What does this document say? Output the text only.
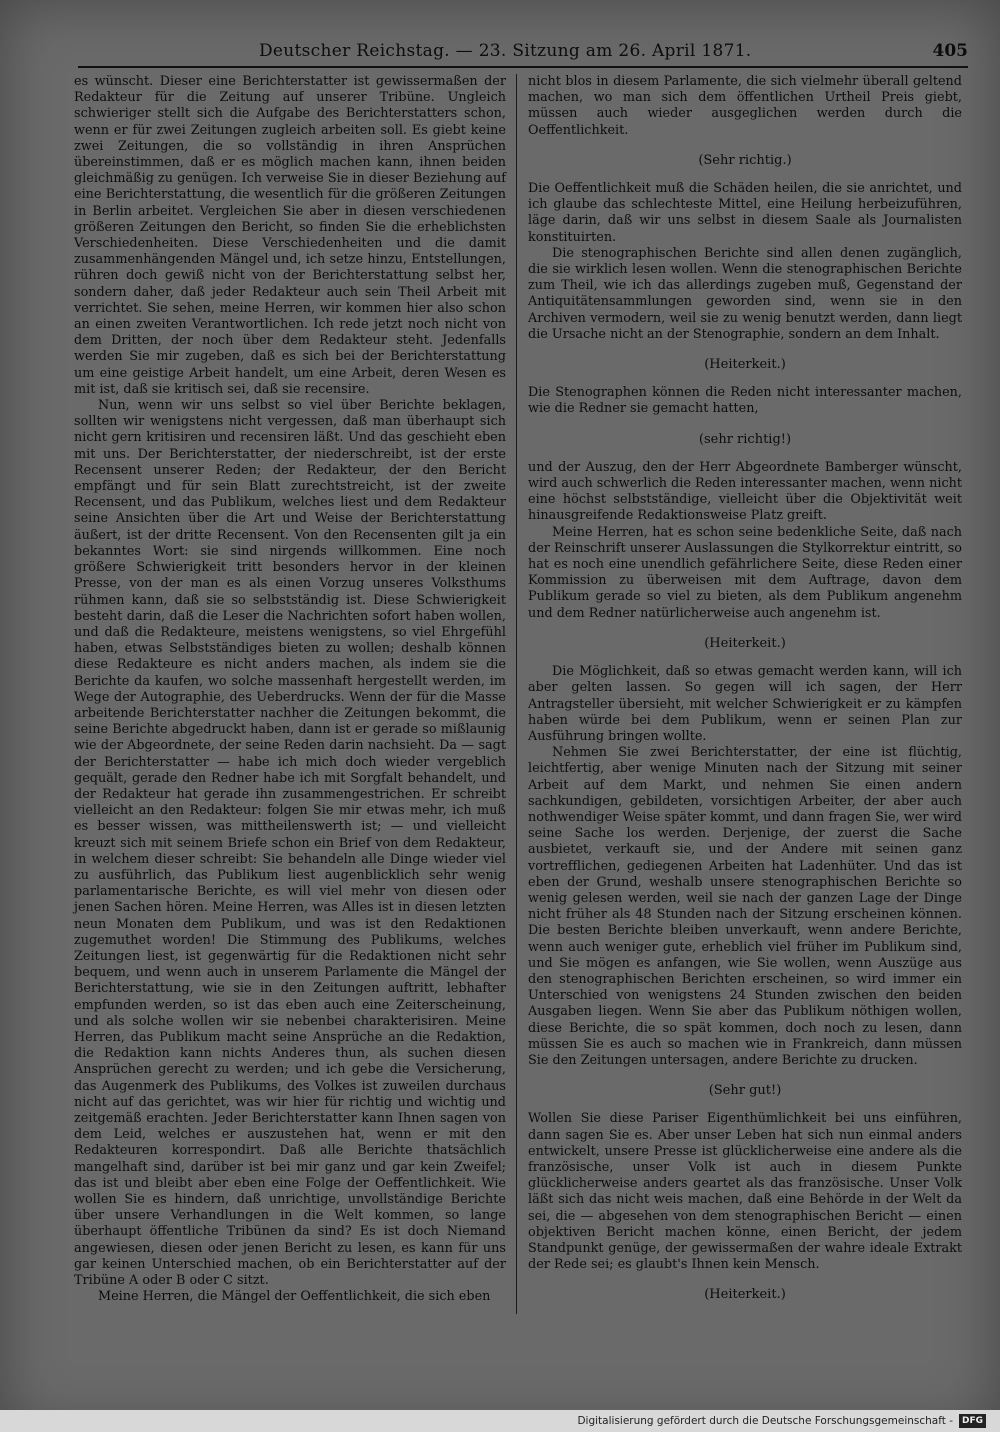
Deutscher Reichstag. — 23. Sitzung am 26. April 1871.	405

es wünscht. Dieser eine Berichterstatter ist gewissermaßen der Redakteur für die Zeitung auf unserer Tribüne. Ungleich schwieriger stellt sich die Aufgabe des Berichterstatters schon, wenn er für zwei Zeitungen zugleich arbeiten soll. Es giebt keine zwei Zeitungen, die so vollständig in ihren Ansprüchen übereinstimmen, daß er es möglich machen kann, ihnen beiden gleichmäßig zu genügen. Ich verweise Sie in dieser Beziehung auf eine Berichterstattung, die wesentlich für die größeren Zeitungen in Berlin arbeitet. Vergleichen Sie aber in diesen verschiedenen größeren Zeitungen den Bericht, so finden Sie die erheblichsten Verschiedenheiten. Diese Verschiedenheiten und die damit zusammenhängenden Mängel und, ich setze hinzu, Entstellungen, rühren doch gewiß nicht von der Berichterstattung selbst her, sondern daher, daß jeder Redakteur auch sein Theil Arbeit mit verrichtet. Sie sehen, meine Herren, wir kommen hier also schon an einen zweiten Verantwortlichen. Ich rede jetzt noch nicht von dem Dritten, der noch über dem Redakteur steht. Jedenfalls werden Sie mir zugeben, daß es sich bei der Berichterstattung um eine geistige Arbeit handelt, um eine Arbeit, deren Wesen es mit ist, daß sie kritisch sei, daß sie recensire.

Nun, wenn wir uns selbst so viel über Berichte beklagen, sollten wir wenigstens nicht vergessen, daß man überhaupt sich nicht gern kritisiren und recensiren läßt. Und das geschieht eben mit uns. Der Berichterstatter, der niederschreibt, ist der erste Recensent unserer Reden; der Redakteur, der den Bericht empfängt und für sein Blatt zurechtstreicht, ist der zweite Recensent, und das Publikum, welches liest und dem Redakteur seine Ansichten über die Art und Weise der Berichterstattung äußert, ist der dritte Recensent. Von den Recensenten gilt ja ein bekanntes Wort: sie sind nirgends willkommen. Eine noch größere Schwierigkeit tritt besonders hervor in der kleinen Presse, von der man es als einen Vorzug unseres Volksthums rühmen kann, daß sie so selbstständig ist. Diese Schwierigkeit besteht darin, daß die Leser die Nachrichten sofort haben wollen, und daß die Redakteure, meistens wenigstens, so viel Ehrgefühl haben, etwas Selbstständiges bieten zu wollen; deshalb können diese Redakteure es nicht anders machen, als indem sie die Berichte da kaufen, wo solche massenhaft hergestellt werden, im Wege der Autographie, des Ueberdrucks. Wenn der für die Masse arbeitende Berichterstatter nachher die Zeitungen bekommt, die seine Berichte abgedruckt haben, dann ist er gerade so mißlaunig wie der Abgeordnete, der seine Reden darin nachsieht. Da — sagt der Berichterstatter — habe ich mich doch wieder vergeblich gequält, gerade den Redner habe ich mit Sorgfalt behandelt, und der Redakteur hat gerade ihn zusammengestrichen. Er schreibt vielleicht an den Redakteur: folgen Sie mir etwas mehr, ich muß es besser wissen, was mittheilenswerth ist; — und vielleicht kreuzt sich mit seinem Briefe schon ein Brief von dem Redakteur, in welchem dieser schreibt: Sie behandeln alle Dinge wieder viel zu ausführlich, das Publikum liest augenblicklich sehr wenig parlamentarische Berichte, es will viel mehr von diesen oder jenen Sachen hören. Meine Herren, was Alles ist in diesen letzten neun Monaten dem Publikum, und was ist den Redaktionen zugemuthet worden! Die Stimmung des Publikums, welches Zeitungen liest, ist gegenwärtig für die Redaktionen nicht sehr bequem, und wenn auch in unserem Parlamente die Mängel der Berichterstattung, wie sie in den Zeitungen auftritt, lebhafter empfunden werden, so ist das eben auch eine Zeiterscheinung, und als solche wollen wir sie nebenbei charakterisiren. Meine Herren, das Publikum macht seine Ansprüche an die Redaktion, die Redaktion kann nichts Anderes thun, als suchen diesen Ansprüchen gerecht zu werden; und ich gebe die Versicherung, das Augenmerk des Publikums, des Volkes ist zuweilen durchaus nicht auf das gerichtet, was wir hier für richtig und wichtig und zeitgemäß erachten. Jeder Berichterstatter kann Ihnen sagen von dem Leid, welches er auszustehen hat, wenn er mit den Redakteuren korrespondirt. Daß alle Berichte thatsächlich mangelhaft sind, darüber ist bei mir ganz und gar kein Zweifel; das ist und bleibt aber eben eine Folge der Oeffentlichkeit. Wie wollen Sie es hindern, daß unrichtige, unvollständige Berichte über unsere Verhandlungen in die Welt kommen, so lange überhaupt öffentliche Tribünen da sind? Es ist doch Niemand angewiesen, diesen oder jenen Bericht zu lesen, es kann für uns gar keinen Unterschied machen, ob ein Berichterstatter auf der Tribüne A oder B oder C sitzt.

Meine Herren, die Mängel der Oeffentlichkeit, die sich eben

nicht blos in diesem Parlamente, die sich vielmehr überall geltend machen, wo man sich dem öffentlichen Urtheil Preis giebt, müssen auch wieder ausgeglichen werden durch die Oeffentlichkeit.

(Sehr richtig.)

Die Oeffentlichkeit muß die Schäden heilen, die sie anrichtet, und ich glaube das schlechteste Mittel, eine Heilung herbeizuführen, läge darin, daß wir uns selbst in diesem Saale als Journalisten konstituirten.

Die stenographischen Berichte sind allen denen zugänglich, die sie wirklich lesen wollen. Wenn die stenographischen Berichte zum Theil, wie ich das allerdings zugeben muß, Gegenstand der Antiquitätensammlungen geworden sind, wenn sie in den Archiven vermodern, weil sie zu wenig benutzt werden, dann liegt die Ursache nicht an der Stenographie, sondern an dem Inhalt.

(Heiterkeit.)

Die Stenographen können die Reden nicht interessanter machen, wie die Redner sie gemacht hatten,

(sehr richtig!)

und der Auszug, den der Herr Abgeordnete Bamberger wünscht, wird auch schwerlich die Reden interessanter machen, wenn nicht eine höchst selbstständige, vielleicht über die Objektivität weit hinausgreifende Redaktionsweise Platz greift.

Meine Herren, hat es schon seine bedenkliche Seite, daß nach der Reinschrift unserer Auslassungen die Stylkorrektur eintritt, so hat es noch eine unendlich gefährlichere Seite, diese Reden einer Kommission zu überweisen mit dem Auftrage, davon dem Publikum gerade so viel zu bieten, als dem Publikum angenehm und dem Redner natürlicherweise auch angenehm ist.

(Heiterkeit.)

Die Möglichkeit, daß so etwas gemacht werden kann, will ich aber gelten lassen. So gegen will ich sagen, der Herr Antragsteller übersieht, mit welcher Schwierigkeit er zu kämpfen haben würde bei dem Publikum, wenn er seinen Plan zur Ausführung bringen wollte.

Nehmen Sie zwei Berichterstatter, der eine ist flüchtig, leichtfertig, aber wenige Minuten nach der Sitzung mit seiner Arbeit auf dem Markt, und nehmen Sie einen andern sachkundigen, gebildeten, vorsichtigen Arbeiter, der aber auch nothwendiger Weise später kommt, und dann fragen Sie, wer wird seine Sache los werden. Derjenige, der zuerst die Sache ausbietet, verkauft sie, und der Andere mit seinen ganz vortrefflichen, gediegenen Arbeiten hat Ladenhüter. Und das ist eben der Grund, weshalb unsere stenographischen Berichte so wenig gelesen werden, weil sie nach der ganzen Lage der Dinge nicht früher als 48 Stunden nach der Sitzung erscheinen können. Die besten Berichte bleiben unverkauft, wenn andere Berichte, wenn auch weniger gute, erheblich viel früher im Publikum sind, und Sie mögen es anfangen, wie Sie wollen, wenn Auszüge aus den stenographischen Berichten erscheinen, so wird immer ein Unterschied von wenigstens 24 Stunden zwischen den beiden Ausgaben liegen. Wenn Sie aber das Publikum nöthigen wollen, diese Berichte, die so spät kommen, doch noch zu lesen, dann müssen Sie es auch so machen wie in Frankreich, dann müssen Sie den Zeitungen untersagen, andere Berichte zu drucken.

(Sehr gut!)

Wollen Sie diese Pariser Eigenthümlichkeit bei uns einführen, dann sagen Sie es. Aber unser Leben hat sich nun einmal anders entwickelt, unsere Presse ist glücklicherweise eine andere als die französische, unser Volk ist auch in diesem Punkte glücklicherweise anders geartet als das französische. Unser Volk läßt sich das nicht weis machen, daß eine Behörde in der Welt da sei, die — abgesehen von dem stenographischen Bericht — einen objektiven Bericht machen könne, einen Bericht, der jedem Standpunkt genüge, der gewissermaßen der wahre ideale Extrakt der Rede sei; es glaubt's Ihnen kein Mensch.

(Heiterkeit.)
Digitalisierung gefördert durch die Deutsche Forschungsgemeinschaft -	DFG
